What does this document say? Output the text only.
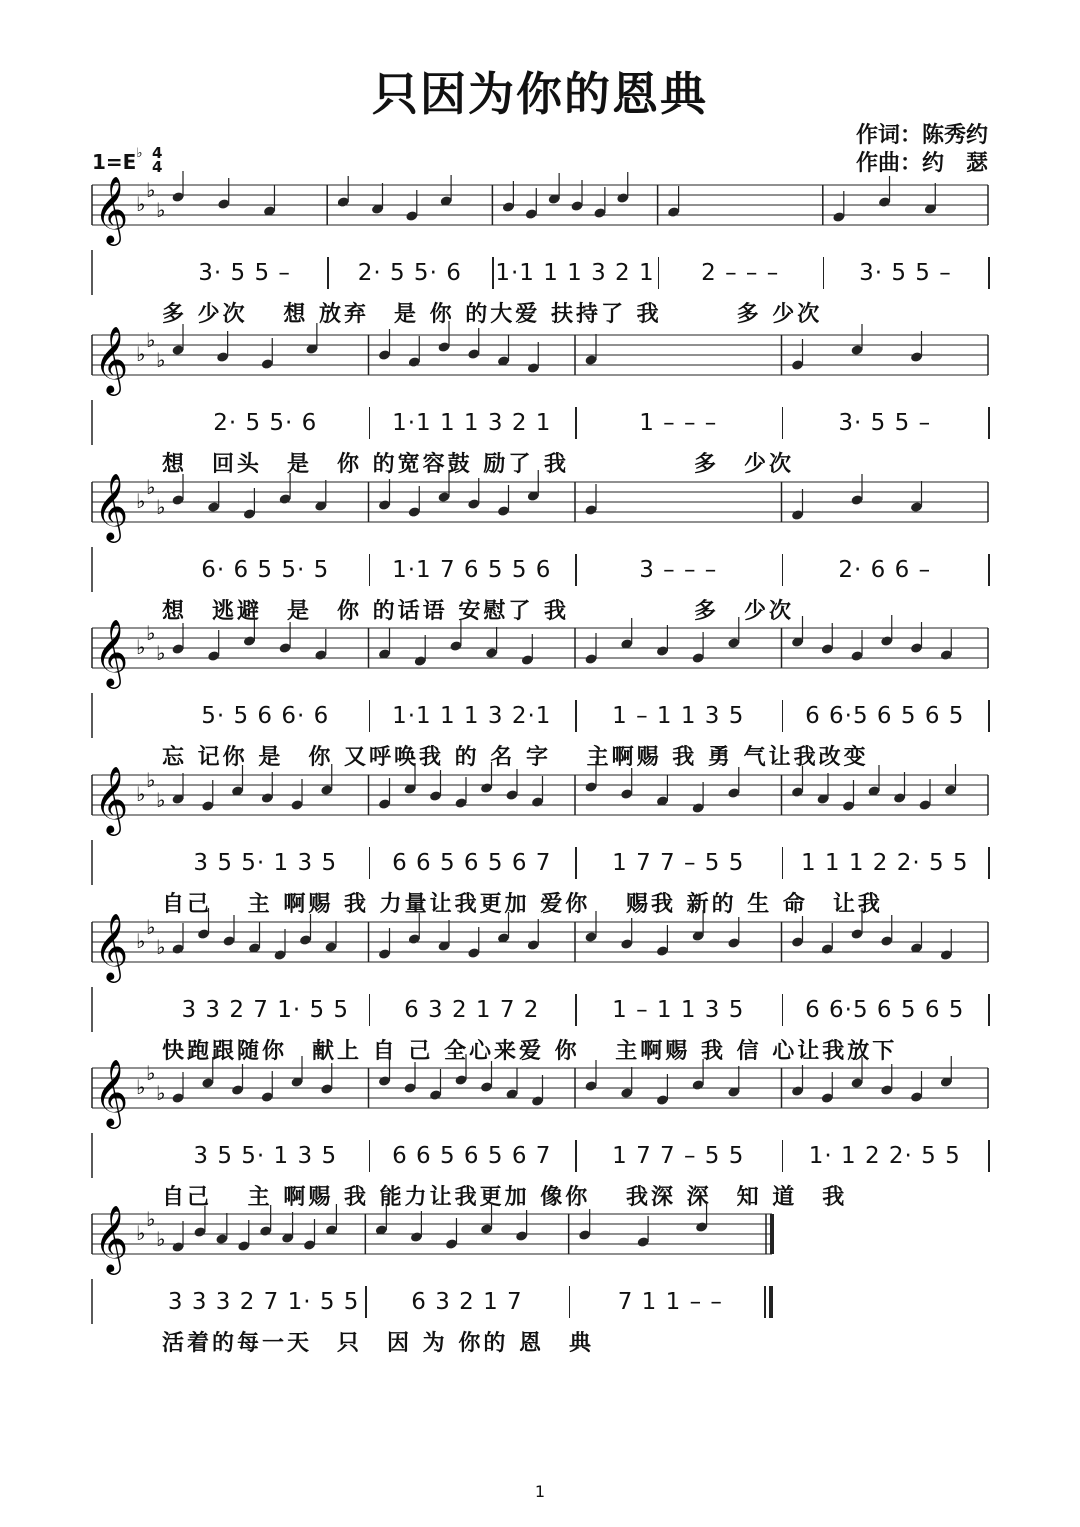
只因为你的恩典
作词：陈秀约
作曲：约　瑟
1=E♭ 4
4
𝄞 ♭
♭
♭
3· 5 5 –	2· 5 5· 6 1·1 1 1 3 2 1 2 – – –	3· 5 5 –
多 少次　 想 放弃　是 你 的大爱 扶持了 我　　　多 少次
𝄞 ♭
♭
♭
2· 5 5· 6	1·1 1 1 3 2 1	1 – – –	3· 5 5 –
想　回头　是　你 的宽容鼓 励了 我　　　　　多　少次
𝄞 ♭
♭
♭
6· 6 5 5· 5	1·1 7 6 5 5 6	3 – – –	2· 6 6 –
想　逃避　是　你 的话语 安慰了 我　　　　　多　少次
𝄞 ♭
♭
♭
5· 5 6 6· 6	1·1 1 1 3 2·1	1 – 1 1 3 5	6 6·5 6 5 6 5
忘 记你 是　你 又呼唤我 的 名 字　 主啊赐 我 勇 气让我改变
𝄞 ♭
♭
♭
3 5 5· 1 3 5 6 6 5 6 5 6 7	1 7 7 – 5 5 1 1 1 2 2· 5 5
自己　 主 啊赐 我 力量让我更加 爱你　 赐我 新的 生 命　让我
𝄞 ♭
♭
♭
3 3 2 7 1· 5 5 6 3 2 1 7 2	1 – 1 1 3 5	6 6·5 6 5 6 5
快跑跟随你　献上 自 己 全心来爱 你　 主啊赐 我 信 心让我放下
𝄞 ♭
♭
♭
3 5 5· 1 3 5 6 6 5 6 5 6 7	1 7 7 – 5 5	1· 1 2 2· 5 5
自己　 主 啊赐 我 能力让我更加 像你　 我深 深　知 道　我
𝄞 ♭
♭
♭
3 3 3 2 7 1· 5 5 6 3 2 1 7	7 1 1 – –
活着的每一天　只　因 为 你的 恩　典
1
